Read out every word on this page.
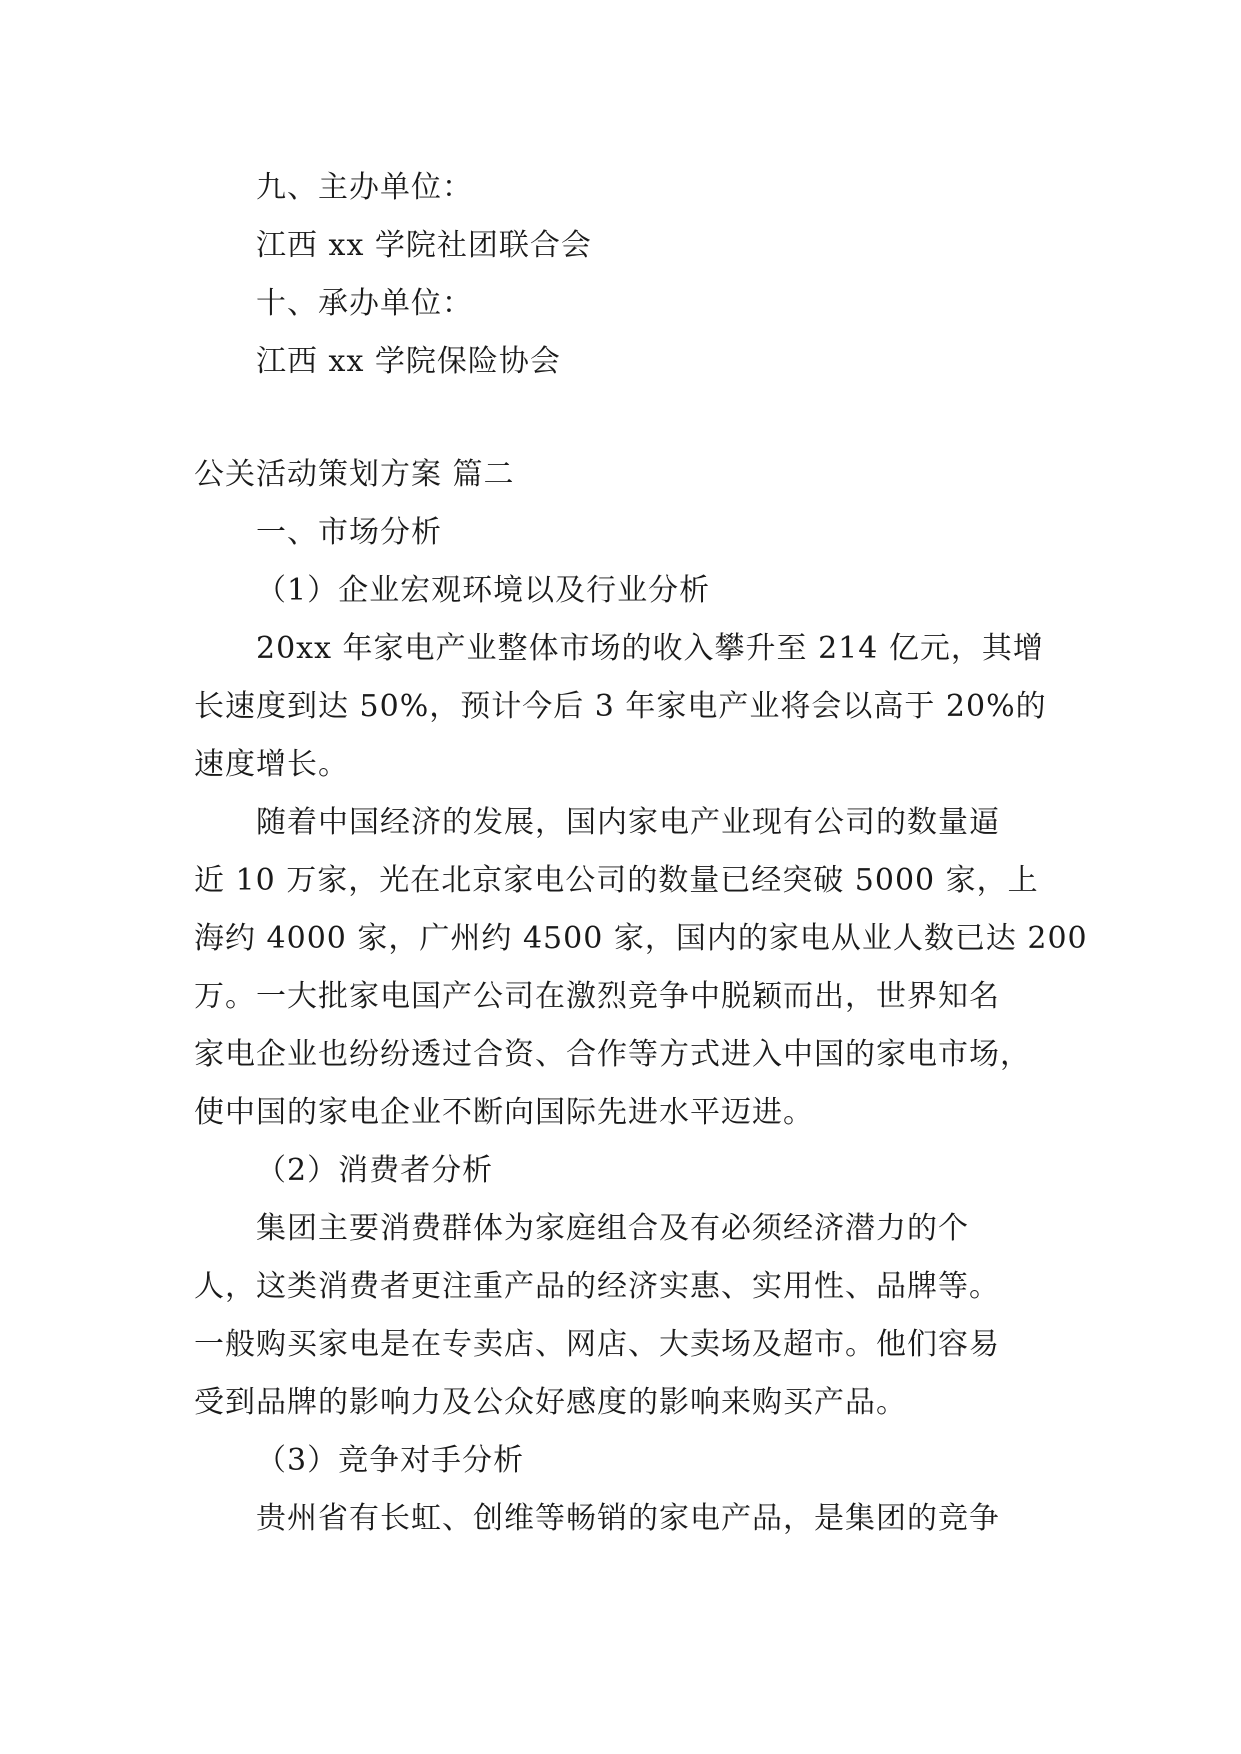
九、主办单位：
江西 xx 学院社团联合会
十、承办单位：
江西 xx 学院保险协会
公关活动策划方案 篇二
一、市场分析
（1）企业宏观环境以及行业分析
20xx 年家电产业整体市场的收入攀升至 214 亿元，其增
长速度到达 50%，预计今后 3 年家电产业将会以高于 20%的
速度增长。
随着中国经济的发展，国内家电产业现有公司的数量逼
近 10 万家，光在北京家电公司的数量已经突破 5000 家，上
海约 4000 家，广州约 4500 家，国内的家电从业人数已达 200
万。一大批家电国产公司在激烈竞争中脱颖而出，世界知名
家电企业也纷纷透过合资、合作等方式进入中国的家电市场，
使中国的家电企业不断向国际先进水平迈进。
（2）消费者分析
集团主要消费群体为家庭组合及有必须经济潜力的个
人，这类消费者更注重产品的经济实惠、实用性、品牌等。
一般购买家电是在专卖店、网店、大卖场及超市。他们容易
受到品牌的影响力及公众好感度的影响来购买产品。
（3）竞争对手分析
贵州省有长虹、创维等畅销的家电产品，是集团的竞争
